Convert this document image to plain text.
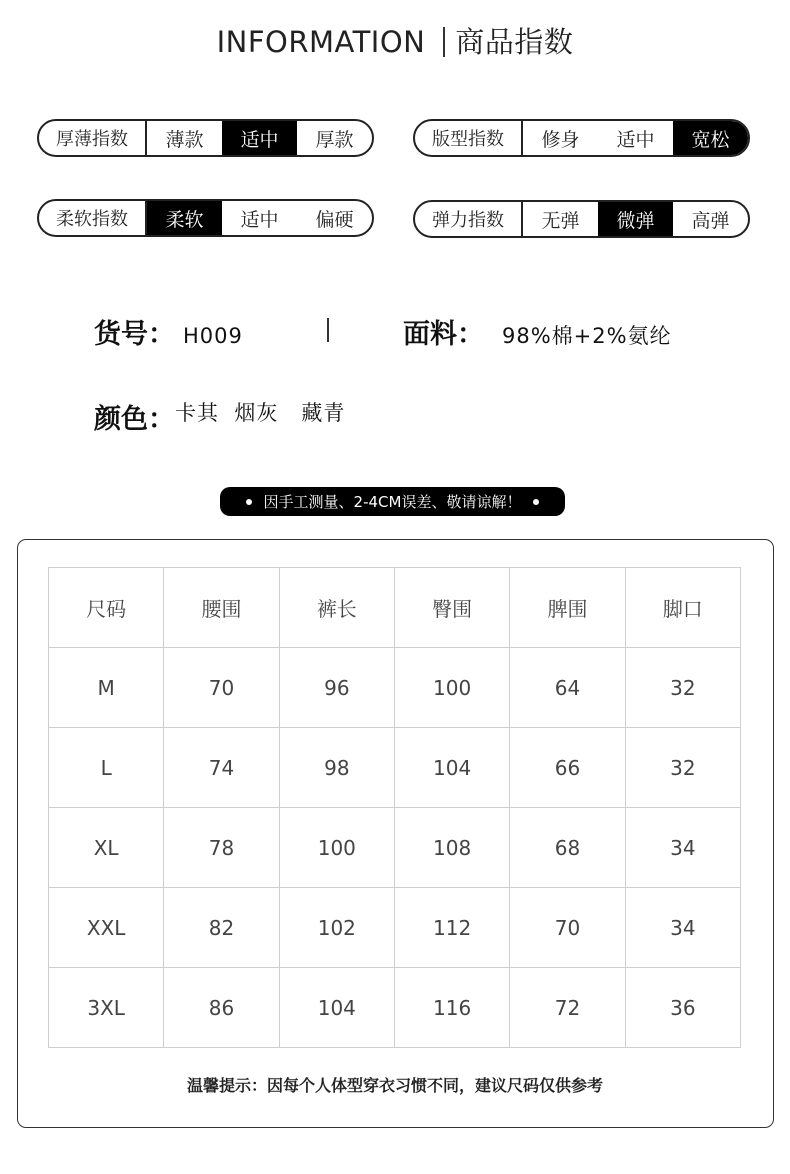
INFORMATION 商品指数
厚薄指数	薄款	适中	厚款	版型指数	修身	适中	宽松
柔软指数	柔软	适中	偏硬	弹力指数	无弹	微弹	高弹
货号： H009	面料： 98%棉+2%氨纶
颜色：$^{卡其 烟灰 藏青}$
因手工测量、2-4CM误差、敬请谅解！
尺码	腰围	裤长	臀围	脾围	脚口
M	70	96	100	64	32
L	74	98	104	66	32
XL	78	100	108	68	34
XXL	82	102	112	70	34
3XL	86	104	116	72	36
温馨提示：因每个人体型穿衣习惯不同，建议尺码仅供参考
